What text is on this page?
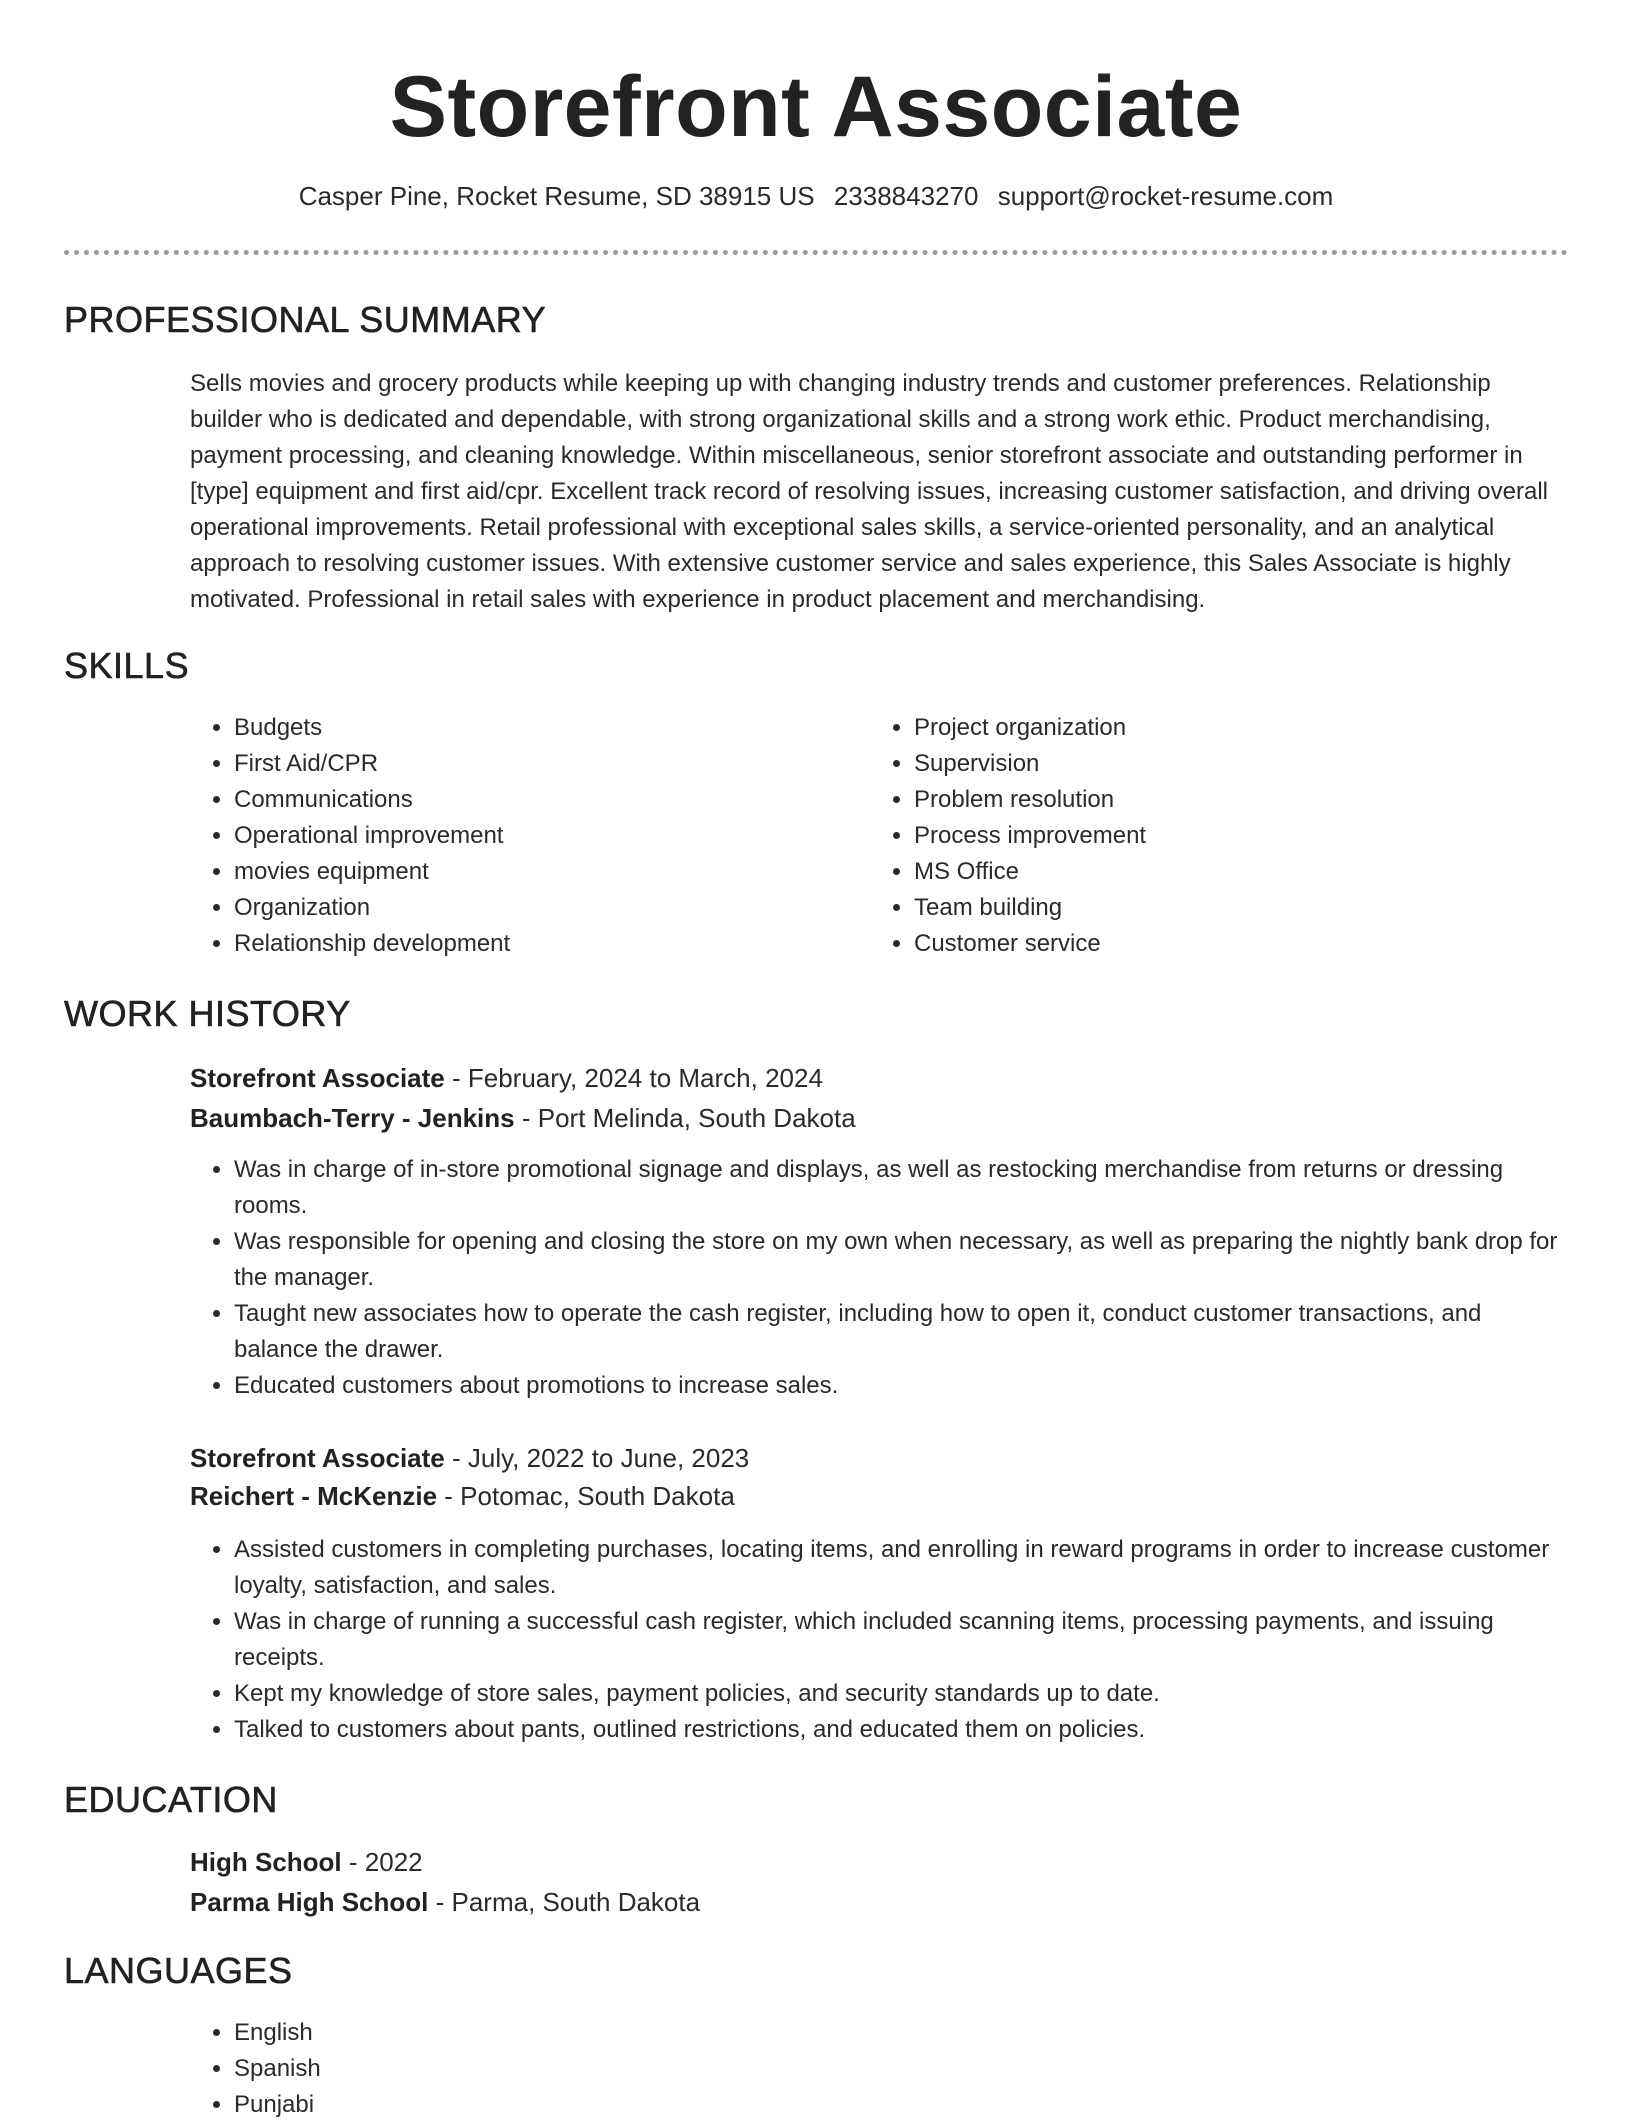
Storefront Associate
Casper Pine, Rocket Resume, SD 38915 US 2338843270 support@rocket-resume.com
PROFESSIONAL SUMMARY
Sells movies and grocery products while keeping up with changing industry trends and customer preferences. Relationship builder who is dedicated and dependable, with strong organizational skills and a strong work ethic. Product merchandising, payment processing, and cleaning knowledge. Within miscellaneous, senior storefront associate and outstanding performer in [type] equipment and first aid/cpr. Excellent track record of resolving issues, increasing customer satisfaction, and driving overall operational improvements. Retail professional with exceptional sales skills, a service-oriented personality, and an analytical approach to resolving customer issues. With extensive customer service and sales experience, this Sales Associate is highly motivated. Professional in retail sales with experience in product placement and merchandising.
SKILLS
• Budgets
• First Aid/CPR
• Communications
• Operational improvement
• movies equipment
• Organization
• Relationship development
• Project organization
• Supervision
• Problem resolution
• Process improvement
• MS Office
• Team building
• Customer service
WORK HISTORY
Storefront Associate - February, 2024 to March, 2024
Baumbach-Terry - Jenkins - Port Melinda, South Dakota
• Was in charge of in-store promotional signage and displays, as well as restocking merchandise from returns or dressing rooms.
• Was responsible for opening and closing the store on my own when necessary, as well as preparing the nightly bank drop for the manager.
• Taught new associates how to operate the cash register, including how to open it, conduct customer transactions, and balance the drawer.
• Educated customers about promotions to increase sales.
Storefront Associate - July, 2022 to June, 2023
Reichert - McKenzie - Potomac, South Dakota
• Assisted customers in completing purchases, locating items, and enrolling in reward programs in order to increase customer loyalty, satisfaction, and sales.
• Was in charge of running a successful cash register, which included scanning items, processing payments, and issuing receipts.
• Kept my knowledge of store sales, payment policies, and security standards up to date.
• Talked to customers about pants, outlined restrictions, and educated them on policies.
EDUCATION
High School - 2022
Parma High School - Parma, South Dakota
LANGUAGES
• English
• Spanish
• Punjabi
